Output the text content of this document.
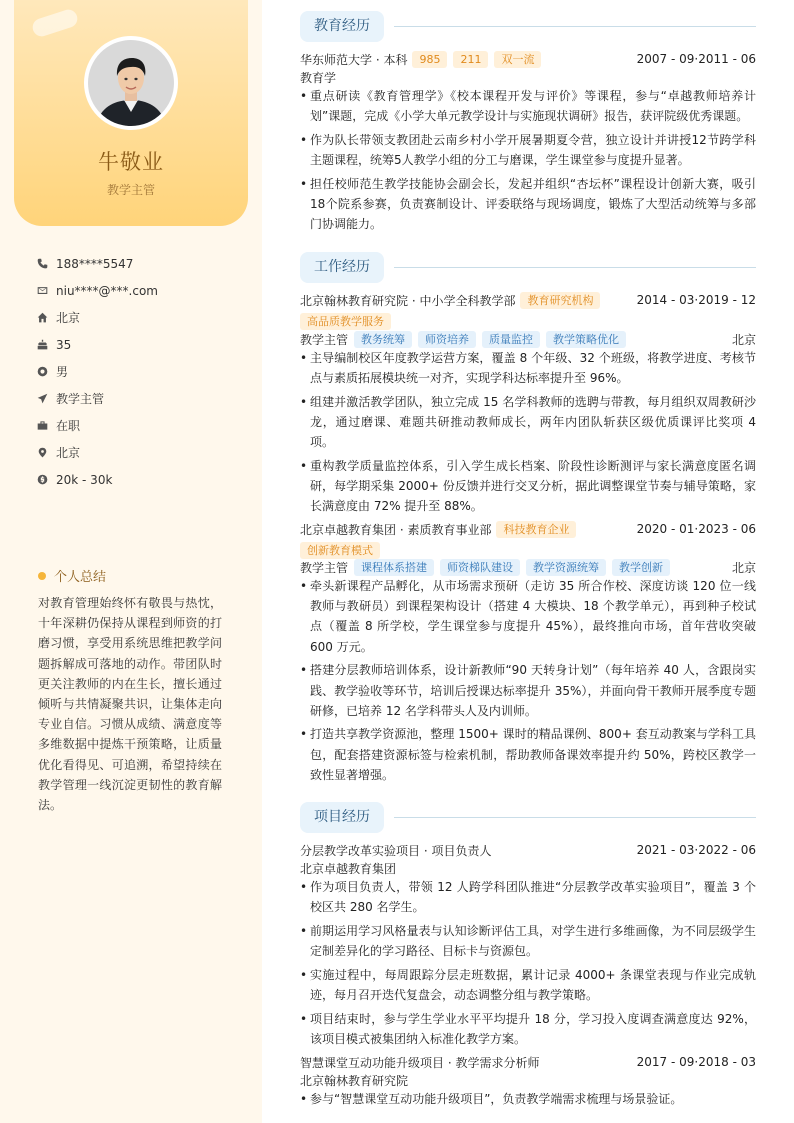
牛敬业
教学主管
188****5547
niu****@***.com
北京
35
男
教学主管
在职
北京
20k - 30k
个人总结
对教育管理始终怀有敬畏与热忱，十年深耕仍保持从课程到师资的打磨习惯，享受用系统思维把教学问题拆解成可落地的动作。带团队时更关注教师的内在生长，擅长通过倾听与共情凝聚共识，让集体走向专业自信。习惯从成绩、满意度等多维数据中提炼干预策略，让质量优化看得见、可追溯，希望持续在教学管理一线沉淀更韧性的教育解法。
教育经历
华东师范大学 · 本科	985	211	双一流	2007 - 09·2011 - 06
教育学
• 重点研读《教育管理学》《校本课程开发与评价》等课程，参与“卓越教师培养计划”课题，完成《小学大单元教学设计与实施现状调研》报告，获评院级优秀课题。
• 作为队长带领支教团赴云南乡村小学开展暑期夏令营，独立设计并讲授12节跨学科主题课程，统筹5人教学小组的分工与磨课，学生课堂参与度提升显著。
• 担任校师范生教学技能协会副会长，发起并组织“杏坛杯”课程设计创新大赛，吸引18个院系参赛，负责赛制设计、评委联络与现场调度，锻炼了大型活动统筹与多部门协调能力。
工作经历
北京翰林教育研究院 · 中小学全科教学部	教育研究机构	2014 - 03·2019 - 12
高品质教学服务
教学主管	教务统筹	师资培养	质量监控	教学策略优化	北京
• 主导编制校区年度教学运营方案，覆盖 8 个年级、32 个班级，将教学进度、考核节点与素质拓展模块统一对齐，实现学科达标率提升至 96%。
• 组建并激活教学团队，独立完成 15 名学科教师的选聘与带教，每月组织双周教研沙龙，通过磨课、难题共研推动教师成长，两年内团队斩获区级优质课评比奖项 4 项。
• 重构教学质量监控体系，引入学生成长档案、阶段性诊断测评与家长满意度匿名调研，每学期采集 2000+ 份反馈并进行交叉分析，据此调整课堂节奏与辅导策略，家长满意度由 72% 提升至 88%。
北京卓越教育集团 · 素质教育事业部	科技教育企业	2020 - 01·2023 - 06
创新教育模式
教学主管	课程体系搭建	师资梯队建设	教学资源统筹	教学创新	北京
• 牵头新课程产品孵化，从市场需求预研（走访 35 所合作校、深度访谈 120 位一线教师与教研员）到课程架构设计（搭建 4 大模块、18 个教学单元），再到种子校试点（覆盖 8 所学校，学生课堂参与度提升 45%），最终推向市场，首年营收突破 600 万元。
• 搭建分层教师培训体系，设计新教师“90 天转身计划”（每年培养 40 人，含跟岗实践、教学验收等环节，培训后授课达标率提升 35%），并面向骨干教师开展季度专题研修，已培养 12 名学科带头人及内训师。
• 打造共享教学资源池，整理 1500+ 课时的精品课例、800+ 套互动教案与学科工具包，配套搭建资源标签与检索机制，帮助教师备课效率提升约 50%，跨校区教学一致性显著增强。
项目经历
分层教学改革实验项目 · 项目负责人	2021 - 03·2022 - 06
北京卓越教育集团
• 作为项目负责人，带领 12 人跨学科团队推进“分层教学改革实验项目”，覆盖 3 个校区共 280 名学生。
• 前期运用学习风格量表与认知诊断评估工具，对学生进行多维画像，为不同层级学生定制差异化的学习路径、目标卡与资源包。
• 实施过程中，每周跟踪分层走班数据，累计记录 4000+ 条课堂表现与作业完成轨迹，每月召开迭代复盘会，动态调整分组与教学策略。
• 项目结束时，参与学生学业水平平均提升 18 分，学习投入度调查满意度达 92%，该项目模式被集团纳入标准化教学方案。
智慧课堂互动功能升级项目 · 教学需求分析师	2017 - 09·2018 - 03
北京翰林教育研究院
• 参与“智慧课堂互动功能升级项目”，负责教学端需求梳理与场景验证。
